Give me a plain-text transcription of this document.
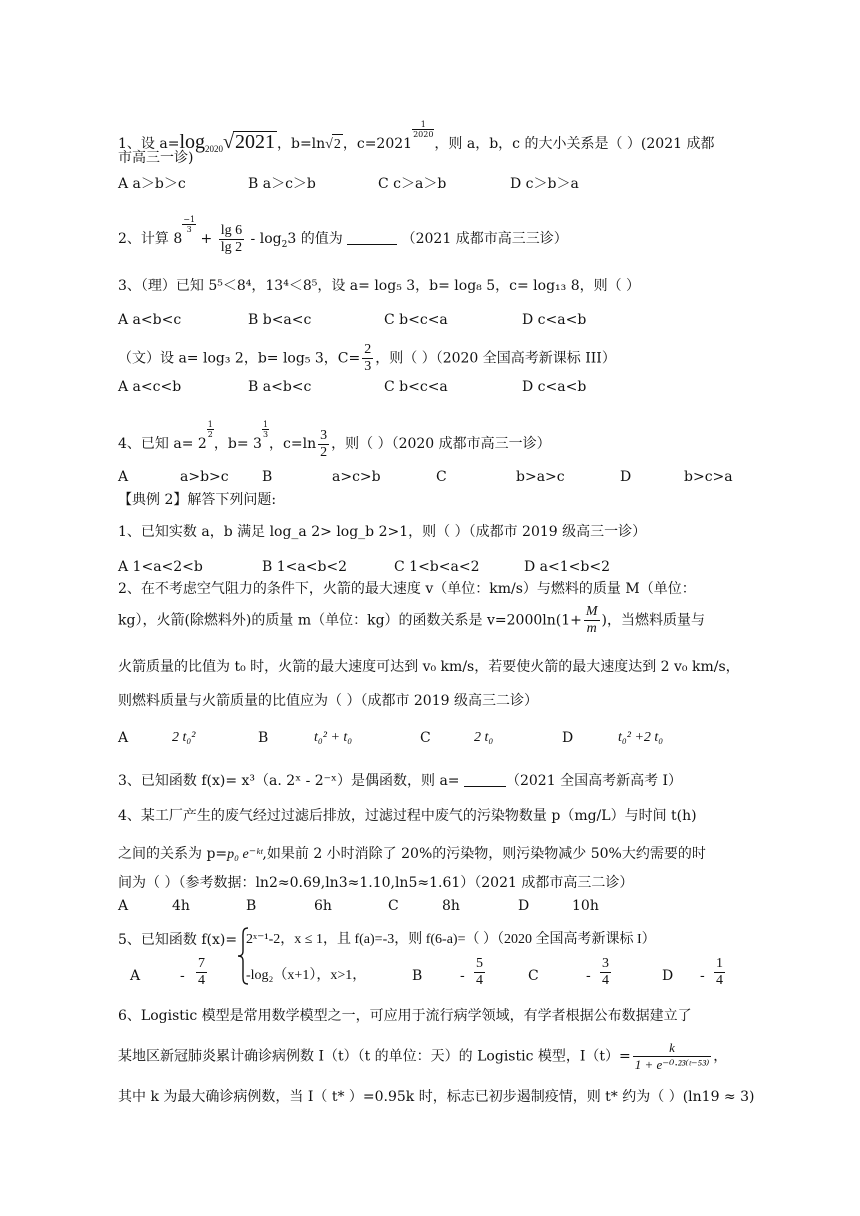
1、设 $a=\log_{2020}√2021$ ，b=ln√2 ，c=2021
$\frac{1}{2020}$
，则 a，b，c 的大小关系是（ ）(2021 成都
市高三一诊)
A a＞b＞c	B a＞c＞b	C c＞a＞b	D c＞b＞a
2、计算 8
$\frac{-1}{3}$
+ $\frac{\lg 6}{\lg 2} - \log_23$ 的值为	（2021 成都市高三三诊）
3、（理）已知 5⁵＜8⁴，13⁴＜8⁵，设 a= log₅ 3，b= log₈ 5，c= log₁₃ 8，则（ ）
A a<b<c	B b<a<c	C b<c<a	D c<a<b
（文）设 a= log₃ 2，b= log₅ 3，$C= \frac{2}{3}$ ，则（ ）（2020 全国高考新课标 III）
A a<c<b	B a<b<c	C b<c<a	D c<a<b
4、已知 a= 2
$\frac{1}{2}$
，b= 3
$\frac{1}{3}$
，$c=\ln \frac{3}{2}$ ，则（ ）（2020 成都市高三一诊）
A	a>b>c B	a>c>b	C	b>a>c	D	b>c>a
【典例 2】解答下列问题:
1、已知实数 a，b 满足 log_a 2> log_b 2>1，则（ ）（成都市 2019 级高三一诊）
A 1<a<2<b	B 1<a<b<2	C 1<b<a<2	D a<1<b<2
2、在不考虑空气阻力的条件下，火箭的最大速度 v（单位：km/s）与燃料的质量 M（单位：
kg），火箭(除燃料外)的质量 m（单位：kg）的函数关系是 $v=2000\ln(1+ \frac{M}{m}$ )，当燃料质量与
火箭质量的比值为 t₀ 时，火箭的最大速度可达到 v₀ km/s，若要使火箭的最大速度达到 2 v₀ km/s，
则燃料质量与火箭质量的比值应为（ ）（成都市 2019 级高三二诊）
A	2 t₀²	B	t₀² + t₀	C	2 t₀	D	t₀² +2 t₀
3、已知函数 f(x)= x³（a. 2ˣ - 2⁻ˣ）是偶函数，则 a=	（2021 全国高考新高考 I）
4、某工厂产生的废气经过过滤后排放，过滤过程中废气的污染物数量 p（mg/L）与时间 t(h)
之间的关系为 p=p₀ e⁻ᵏᵗ,如果前 2 小时消除了 20%的污染物，则污染物减少 50%大约需要的时
间为（ ）（参考数据：ln2≈0.69,ln3≈1.10,ln5≈1.61）（2021 成都市高三二诊）
A	4h	B	6h	C	8h	D	10h
5、已知函数 f(x)= 2ˣ⁻¹-2，x ≤ 1，且 f(a)=-3，则 f(6-a)=（ ）（2020 全国高考新课标 I）
-log₂（x+1），x>1，
A	- $\frac{7}{4}$	B	- $\frac{5}{4}$	C	- $\frac{3}{4}$	D - $\frac{1}{4}$
6、Logistic 模型是常用数学模型之一，可应用于流行病学领域，有学者根据公布数据建立了
某地区新冠肺炎累计确诊病例数 I（t）（t 的单位：天）的 Logistic 模型，$I(t)= \frac{k}{\text{1 + e⁻⁰·²³⁽ᵗ⁻⁵³⁾}}$ ，
其中 k 为最大确诊病例数，当 I（ t* ）=0.95k 时，标志已初步遏制疫情，则 t* 约为（ ）(ln19 ≈ 3)
